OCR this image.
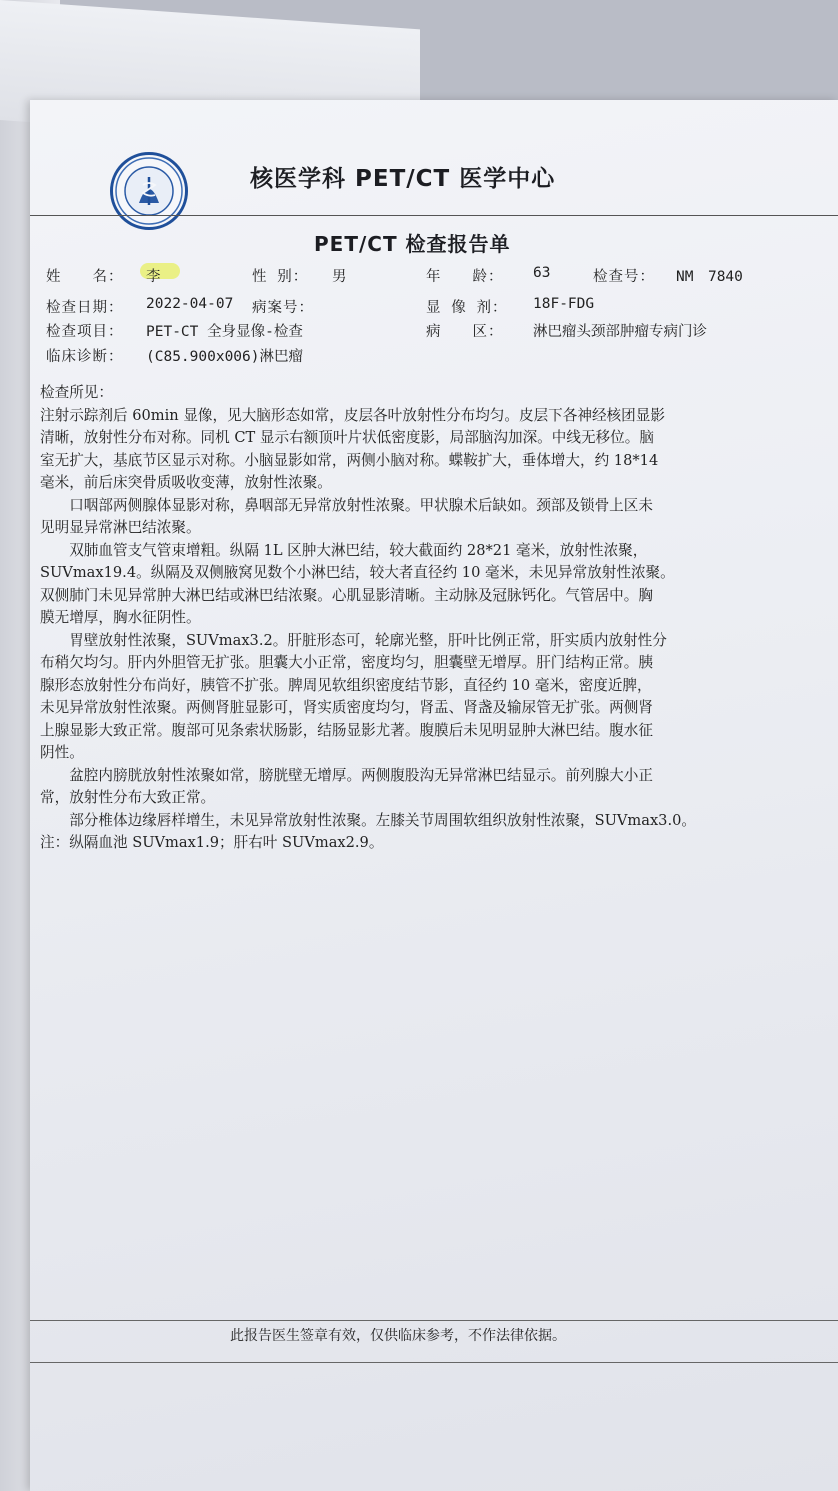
核医学科 PET/CT 医学中心
PET/CT 检查报告单
姓　　名： 李	性 别： 男	年　　龄： 63	检查号： NM　7840
检查日期： 2022-04-07 病案号：	显 像 剂： 18F-FDG
检查项目： PET-CT 全身显像-检查	病　　区： 淋巴瘤头颈部肿瘤专病门诊
临床诊断： (C85.900x006)淋巴瘤
检查所见：
注射示踪剂后 60min 显像，见大脑形态如常，皮层各叶放射性分布均匀。皮层下各神经核团显影
清晰，放射性分布对称。同机 CT 显示右额顶叶片状低密度影，局部脑沟加深。中线无移位。脑
室无扩大，基底节区显示对称。小脑显影如常，两侧小脑对称。蝶鞍扩大，垂体增大，约 18*14
毫米，前后床突骨质吸收变薄，放射性浓聚。
　　口咽部两侧腺体显影对称，鼻咽部无异常放射性浓聚。甲状腺术后缺如。颈部及锁骨上区未
见明显异常淋巴结浓聚。
　　双肺血管支气管束增粗。纵隔 1L 区肿大淋巴结，较大截面约 28*21 毫米，放射性浓聚，
SUVmax19.4。纵隔及双侧腋窝见数个小淋巴结，较大者直径约 10 毫米，未见异常放射性浓聚。
双侧肺门未见异常肿大淋巴结或淋巴结浓聚。心肌显影清晰。主动脉及冠脉钙化。气管居中。胸
膜无增厚，胸水征阴性。
　　胃壁放射性浓聚，SUVmax3.2。肝脏形态可，轮廓光整，肝叶比例正常，肝实质内放射性分
布稍欠均匀。肝内外胆管无扩张。胆囊大小正常，密度均匀，胆囊壁无增厚。肝门结构正常。胰
腺形态放射性分布尚好，胰管不扩张。脾周见软组织密度结节影，直径约 10 毫米，密度近脾，
未见异常放射性浓聚。两侧肾脏显影可，肾实质密度均匀，肾盂、肾盏及输尿管无扩张。两侧肾
上腺显影大致正常。腹部可见条索状肠影，结肠显影尤著。腹膜后未见明显肿大淋巴结。腹水征
阴性。
　　盆腔内膀胱放射性浓聚如常，膀胱壁无增厚。两侧腹股沟无异常淋巴结显示。前列腺大小正
常，放射性分布大致正常。
　　部分椎体边缘唇样增生，未见异常放射性浓聚。左膝关节周围软组织放射性浓聚，SUVmax3.0。
注：纵隔血池 SUVmax1.9；肝右叶 SUVmax2.9。
此报告医生签章有效，仅供临床参考，不作法律依据。
